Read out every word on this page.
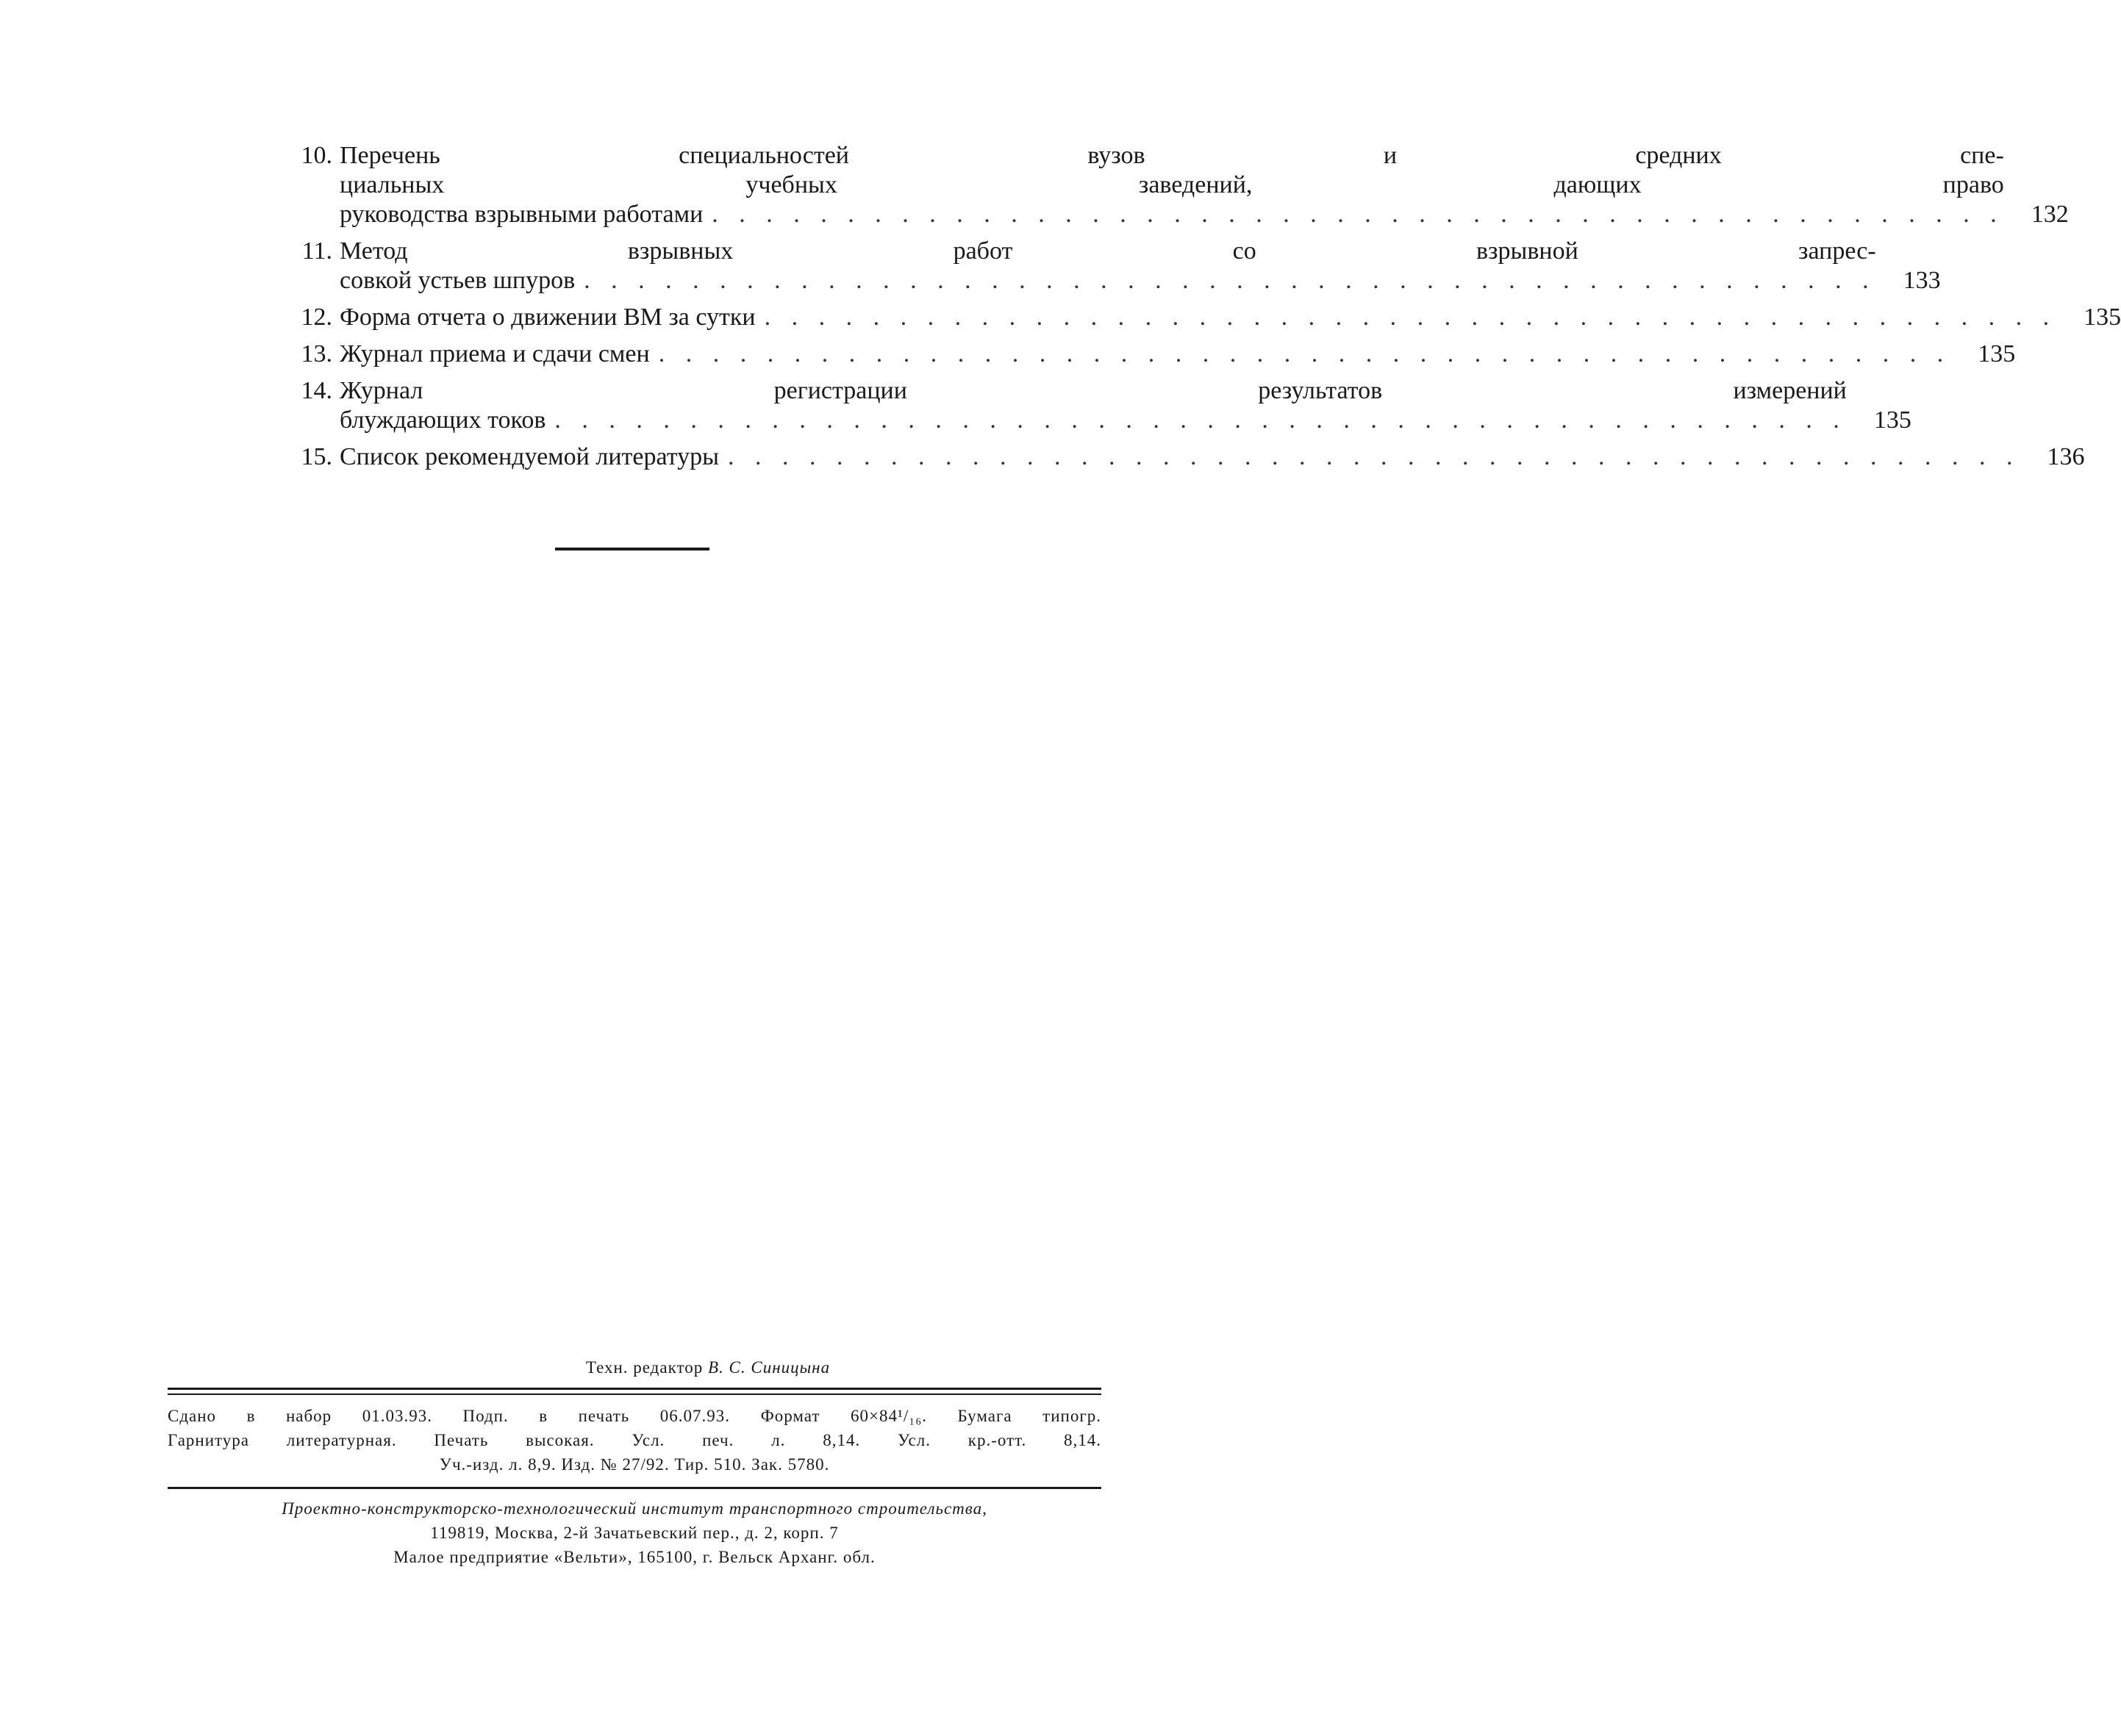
10. Перечень специальностей вузов и средних спе-
циальных учебных заведений, дающих право
руководства взрывными работами . . .	132
11. Метод взрывных работ со взрывной запрес-
совкой устьев шпуров . . .	133
12. Форма отчета о движении ВМ за сутки . . .	135
13. Журнал приема и сдачи смен . . .	135
14. Журнал регистрации результатов измерений
блуждающих токов . . .	135
15. Список рекомендуемой литературы . . .	136
Техн. редактор В. С. Синицына
Сдано в набор 01.03.93. Подп. в печать 06.07.93. Формат 60×84¹/₁₆. Бумага типогр.
Гарнитура литературная. Печать высокая. Усл. печ. л. 8,14. Усл. кр.-отт. 8,14.
Уч.-изд. л. 8,9. Изд. № 27/92. Тир. 510. Зак. 5780.
Проектно-конструкторско-технологический институт транспортного строительства,
119819, Москва, 2-й Зачатьевский пер., д. 2, корп. 7
Малое предприятие «Вельти», 165100, г. Вельск Арханг. обл.
